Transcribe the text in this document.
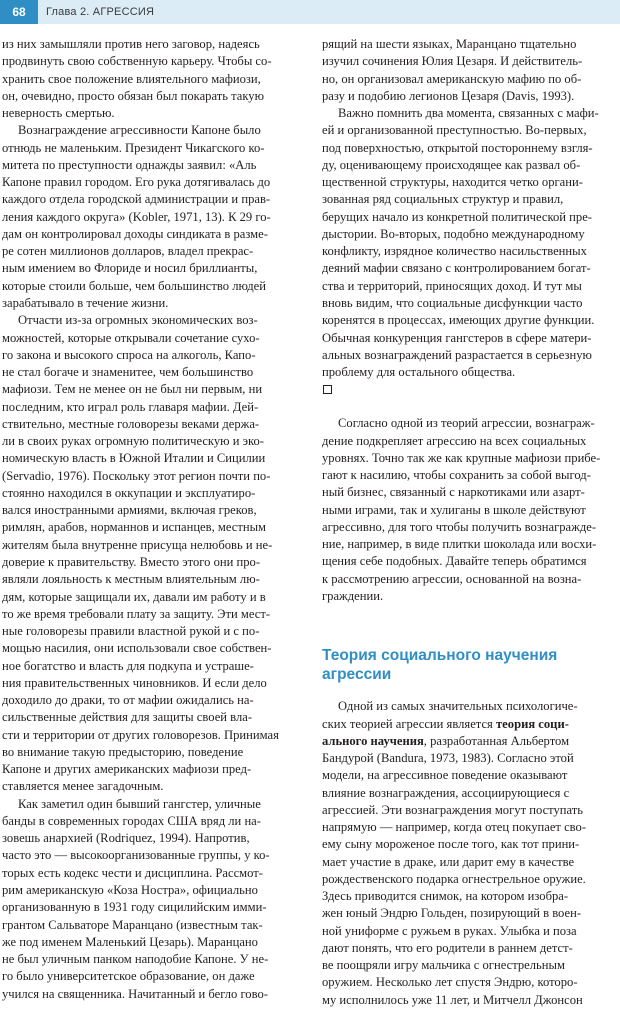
68	Глава 2. АГРЕССИЯ
из них замышляли против него заговор, надеясь
продвинуть свою собственную карьеру. Чтобы со-
хранить свое положение влиятельного мафиози,
он, очевидно, просто обязан был покарать такую
неверность смертью.
Вознаграждение агрессивности Капоне было
отнюдь не маленьким. Президент Чикагского ко-
митета по преступности однажды заявил: «Аль
Капоне правил городом. Его рука дотягивалась до
каждого отдела городской администрации и прав-
ления каждого округа» (Kobler, 1971, 13). К 29 го-
дам он контролировал доходы синдиката в разме-
ре сотен миллионов долларов, владел прекрас-
ным имением во Флориде и носил бриллианты,
которые стоили больше, чем большинство людей
зарабатывало в течение жизни.
Отчасти из-за огромных экономических воз-
можностей, которые открывали сочетание сухо-
го закона и высокого спроса на алкоголь, Капо-
не стал богаче и знаменитее, чем большинство
мафиози. Тем не менее он не был ни первым, ни
последним, кто играл роль главаря мафии. Дей-
ствительно, местные головорезы веками держа-
ли в своих руках огромную политическую и эко-
номическую власть в Южной Италии и Сицилии
(Servadio, 1976). Поскольку этот регион почти по-
стоянно находился в оккупации и эксплуатиро-
вался иностранными армиями, включая греков,
римлян, арабов, норманнов и испанцев, местным
жителям была внутренне присуща нелюбовь и не-
доверие к правительству. Вместо этого они про-
являли лояльность к местным влиятельным лю-
дям, которые защищали их, давали им работу и в
то же время требовали плату за защиту. Эти мест-
ные головорезы правили властной рукой и с по-
мощью насилия, они использовали свое собствен-
ное богатство и власть для подкупа и устраше-
ния правительственных чиновников. И если дело
доходило до драки, то от мафии ожидались на-
сильственные действия для защиты своей вла-
сти и территории от других головорезов. Принимая
во внимание такую предысторию, поведение
Капоне и других американских мафиози пред-
ставляется менее загадочным.
Как заметил один бывший гангстер, уличные
банды в современных городах США вряд ли на-
зовешь анархией (Rodriquez, 1994). Напротив,
часто это — высокоорганизованные группы, у ко-
торых есть кодекс чести и дисциплина. Рассмот-
рим американскую «Коза Ностра», официально
организованную в 1931 году сицилийским имми-
грантом Сальваторе Маранцано (известным так-
же под именем Маленький Цезарь). Маранцано
не был уличным панком наподобие Капоне. У не-
го было университетское образование, он даже
учился на священника. Начитанный и бегло гово-
рящий на шести языках, Маранцано тщательно
изучил сочинения Юлия Цезаря. И действитель-
но, он организовал американскую мафию по об-
разу и подобию легионов Цезаря (Davis, 1993).
Важно помнить два момента, связанных с мафи-
ей и организованной преступностью. Во-первых,
под поверхностью, открытой постороннему взгля-
ду, оценивающему происходящее как развал об-
щественной структуры, находится четко органи-
зованная ряд социальных структур и правил,
берущих начало из конкретной политической пре-
дыстории. Во-вторых, подобно международному
конфликту, изрядное количество насильственных
деяний мафии связано с контролированием богат-
ства и территорий, приносящих доход. И тут мы
вновь видим, что социальные дисфункции часто
коренятся в процессах, имеющих другие функции.
Обычная конкуренция гангстеров в сфере матери-
альных вознаграждений разрастается в серьезную
проблему для остального общества.
Согласно одной из теорий агрессии, вознаграж-
дение подкрепляет агрессию на всех социальных
уровнях. Точно так же как крупные мафиози прибе-
гают к насилию, чтобы сохранить за собой выгод-
ный бизнес, связанный с наркотиками или азарт-
ными играми, так и хулиганы в школе действуют
агрессивно, для того чтобы получить вознагражде-
ние, например, в виде плитки шоколада или восхи-
щения себе подобных. Давайте теперь обратимся
к рассмотрению агрессии, основанной на возна-
граждении.
Теория социального научения
агрессии
Одной из самых значительных психологиче-
ских теорией агрессии является теория соци-
ального научения, разработанная Альбертом
Бандурой (Bandura, 1973, 1983). Согласно этой
модели, на агрессивное поведение оказывают
влияние вознаграждения, ассоциирующиеся с
агрессией. Эти вознаграждения могут поступать
напрямую — например, когда отец покупает сво-
ему сыну мороженое после того, как тот прини-
мает участие в драке, или дарит ему в качестве
рождественского подарка огнестрельное оружие.
Здесь приводится снимок, на котором изобра-
жен юный Эндрю Гольден, позирующий в воен-
ной униформе с ружьем в руках. Улыбка и поза
дают понять, что его родители в раннем детст-
ве поощряли игру мальчика с огнестрельным
оружием. Несколько лет спустя Эндрю, которо-
му исполнилось уже 11 лет, и Митчелл Джонсон
